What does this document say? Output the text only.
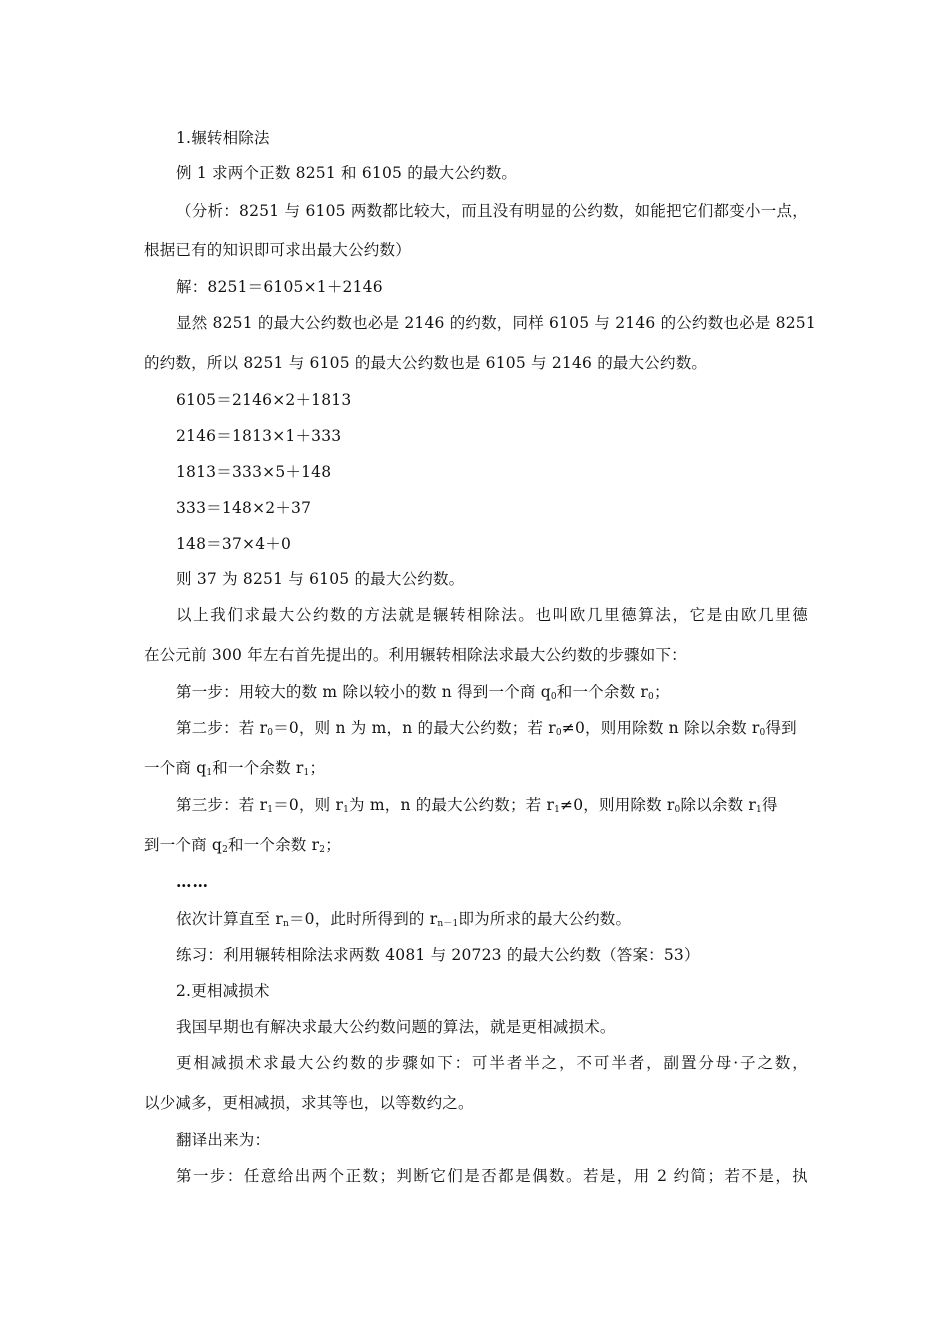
1.辗转相除法
例 1 求两个正数 8251 和 6105 的最大公约数。
（分析：8251 与 6105 两数都比较大，而且没有明显的公约数，如能把它们都变小一点，
根据已有的知识即可求出最大公约数）
解：8251＝6105×1＋2146
显然 8251 的最大公约数也必是 2146 的约数，同样 6105 与 2146 的公约数也必是 8251
的约数，所以 8251 与 6105 的最大公约数也是 6105 与 2146 的最大公约数。
6105＝2146×2＋1813
2146＝1813×1＋333
1813＝333×5＋148
333＝148×2＋37
148＝37×4＋0
则 37 为 8251 与 6105 的最大公约数。
以上我们求最大公约数的方法就是辗转相除法。也叫欧几里德算法，它是由欧几里德
在公元前 300 年左右首先提出的。利用辗转相除法求最大公约数的步骤如下：
第一步：用较大的数 m 除以较小的数 n 得到一个商 $q_0$和一个余数 $r_0$；
第二步：若 $r_0=0$，则 n 为 m，n 的最大公约数；若 $r_0\ne 0$，则用除数 n 除以余数 $r_0$得到
一个商 $q_1$和一个余数 $r_1$；
第三步：若 $r_1=0$，则 $r_1$为 m，n 的最大公约数；若 $r_1\ne 0$，则用除数 $r_0$除以余数 $r_1$得
到一个商 $q_2$和一个余数 $r_2$；
……
依次计算直至 $r_n=0$，此时所得到的 $r_{n-1}$即为所求的最大公约数。
练习：利用辗转相除法求两数 4081 与 20723 的最大公约数（答案：53）
2.更相减损术
我国早期也有解决求最大公约数问题的算法，就是更相减损术。
更相减损术求最大公约数的步骤如下：可半者半之，不可半者，副置分母·子之数，
以少减多，更相减损，求其等也，以等数约之。
翻译出来为：
第一步：任意给出两个正数；判断它们是否都是偶数。若是，用 2 约简；若不是，执
